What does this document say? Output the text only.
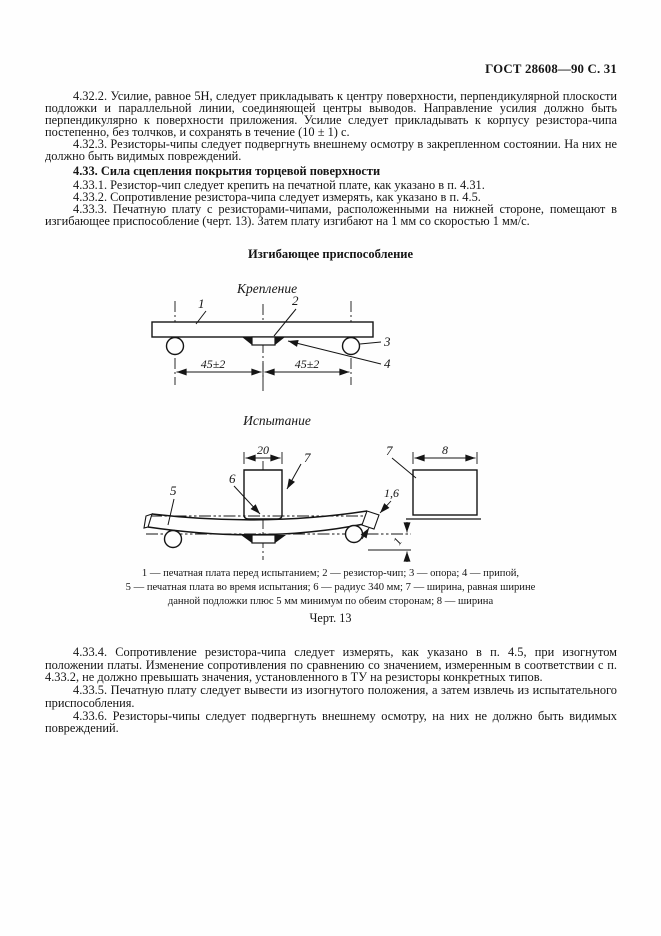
ГОСТ 28608—90 С. 31

4.32.2. Усилие, равное 5Н, следует прикладывать к центру поверхности, перпендикулярной плоскости подложки и параллельной линии, соединяющей центры выводов. Направление усилия должно быть перпендикулярно к поверхности приложения. Усилие следует прикладывать к корпусу резистора-чипа постепенно, без толчков, и сохранять в течение (10 ± 1) с.

4.32.3. Резисторы-чипы следует подвергнуть внешнему осмотру в закрепленном состоянии. На них не должно быть видимых повреждений.

4.33. Сила сцепления покрытия торцевой поверхности

4.33.1. Резистор-чип следует крепить на печатной плате, как указано в п. 4.31.

4.33.2. Сопротивление резистора-чипа следует измерять, как указано в п. 4.5.

4.33.3. Печатную плату с резисторами-чипами, расположенными на нижней стороне, помещают в изгибающее приспособление (черт. 13). Затем плату изгибают на 1 мм со скоростью 1 мм/с.

Изгибающее приспособление
Крепление
1	2
3
4
45±2	45±2
Испытание
20	7
6
5	1,6
1
8
7
1 — печатная плата перед испытанием; 2 — резистор-чип; 3 — опора; 4 — припой,
5 — печатная плата во время испытания; 6 — радиус 340 мм; 7 — ширина, равная ширине
данной подложки плюс 5 мм минимум по обеим сторонам; 8 — ширина
Черт. 13

4.33.4. Сопротивление резистора-чипа следует измерять, как указано в п. 4.5, при изогнутом положении платы. Изменение сопротивления по сравнению со значением, измеренным в соответствии с п. 4.33.2, не должно превышать значения, установленного в ТУ на резисторы конкретных типов.

4.33.5. Печатную плату следует вывести из изогнутого положения, а затем извлечь из испытательного приспособления.

4.33.6. Резисторы-чипы следует подвергнуть внешнему осмотру, на них не должно быть видимых повреждений.
